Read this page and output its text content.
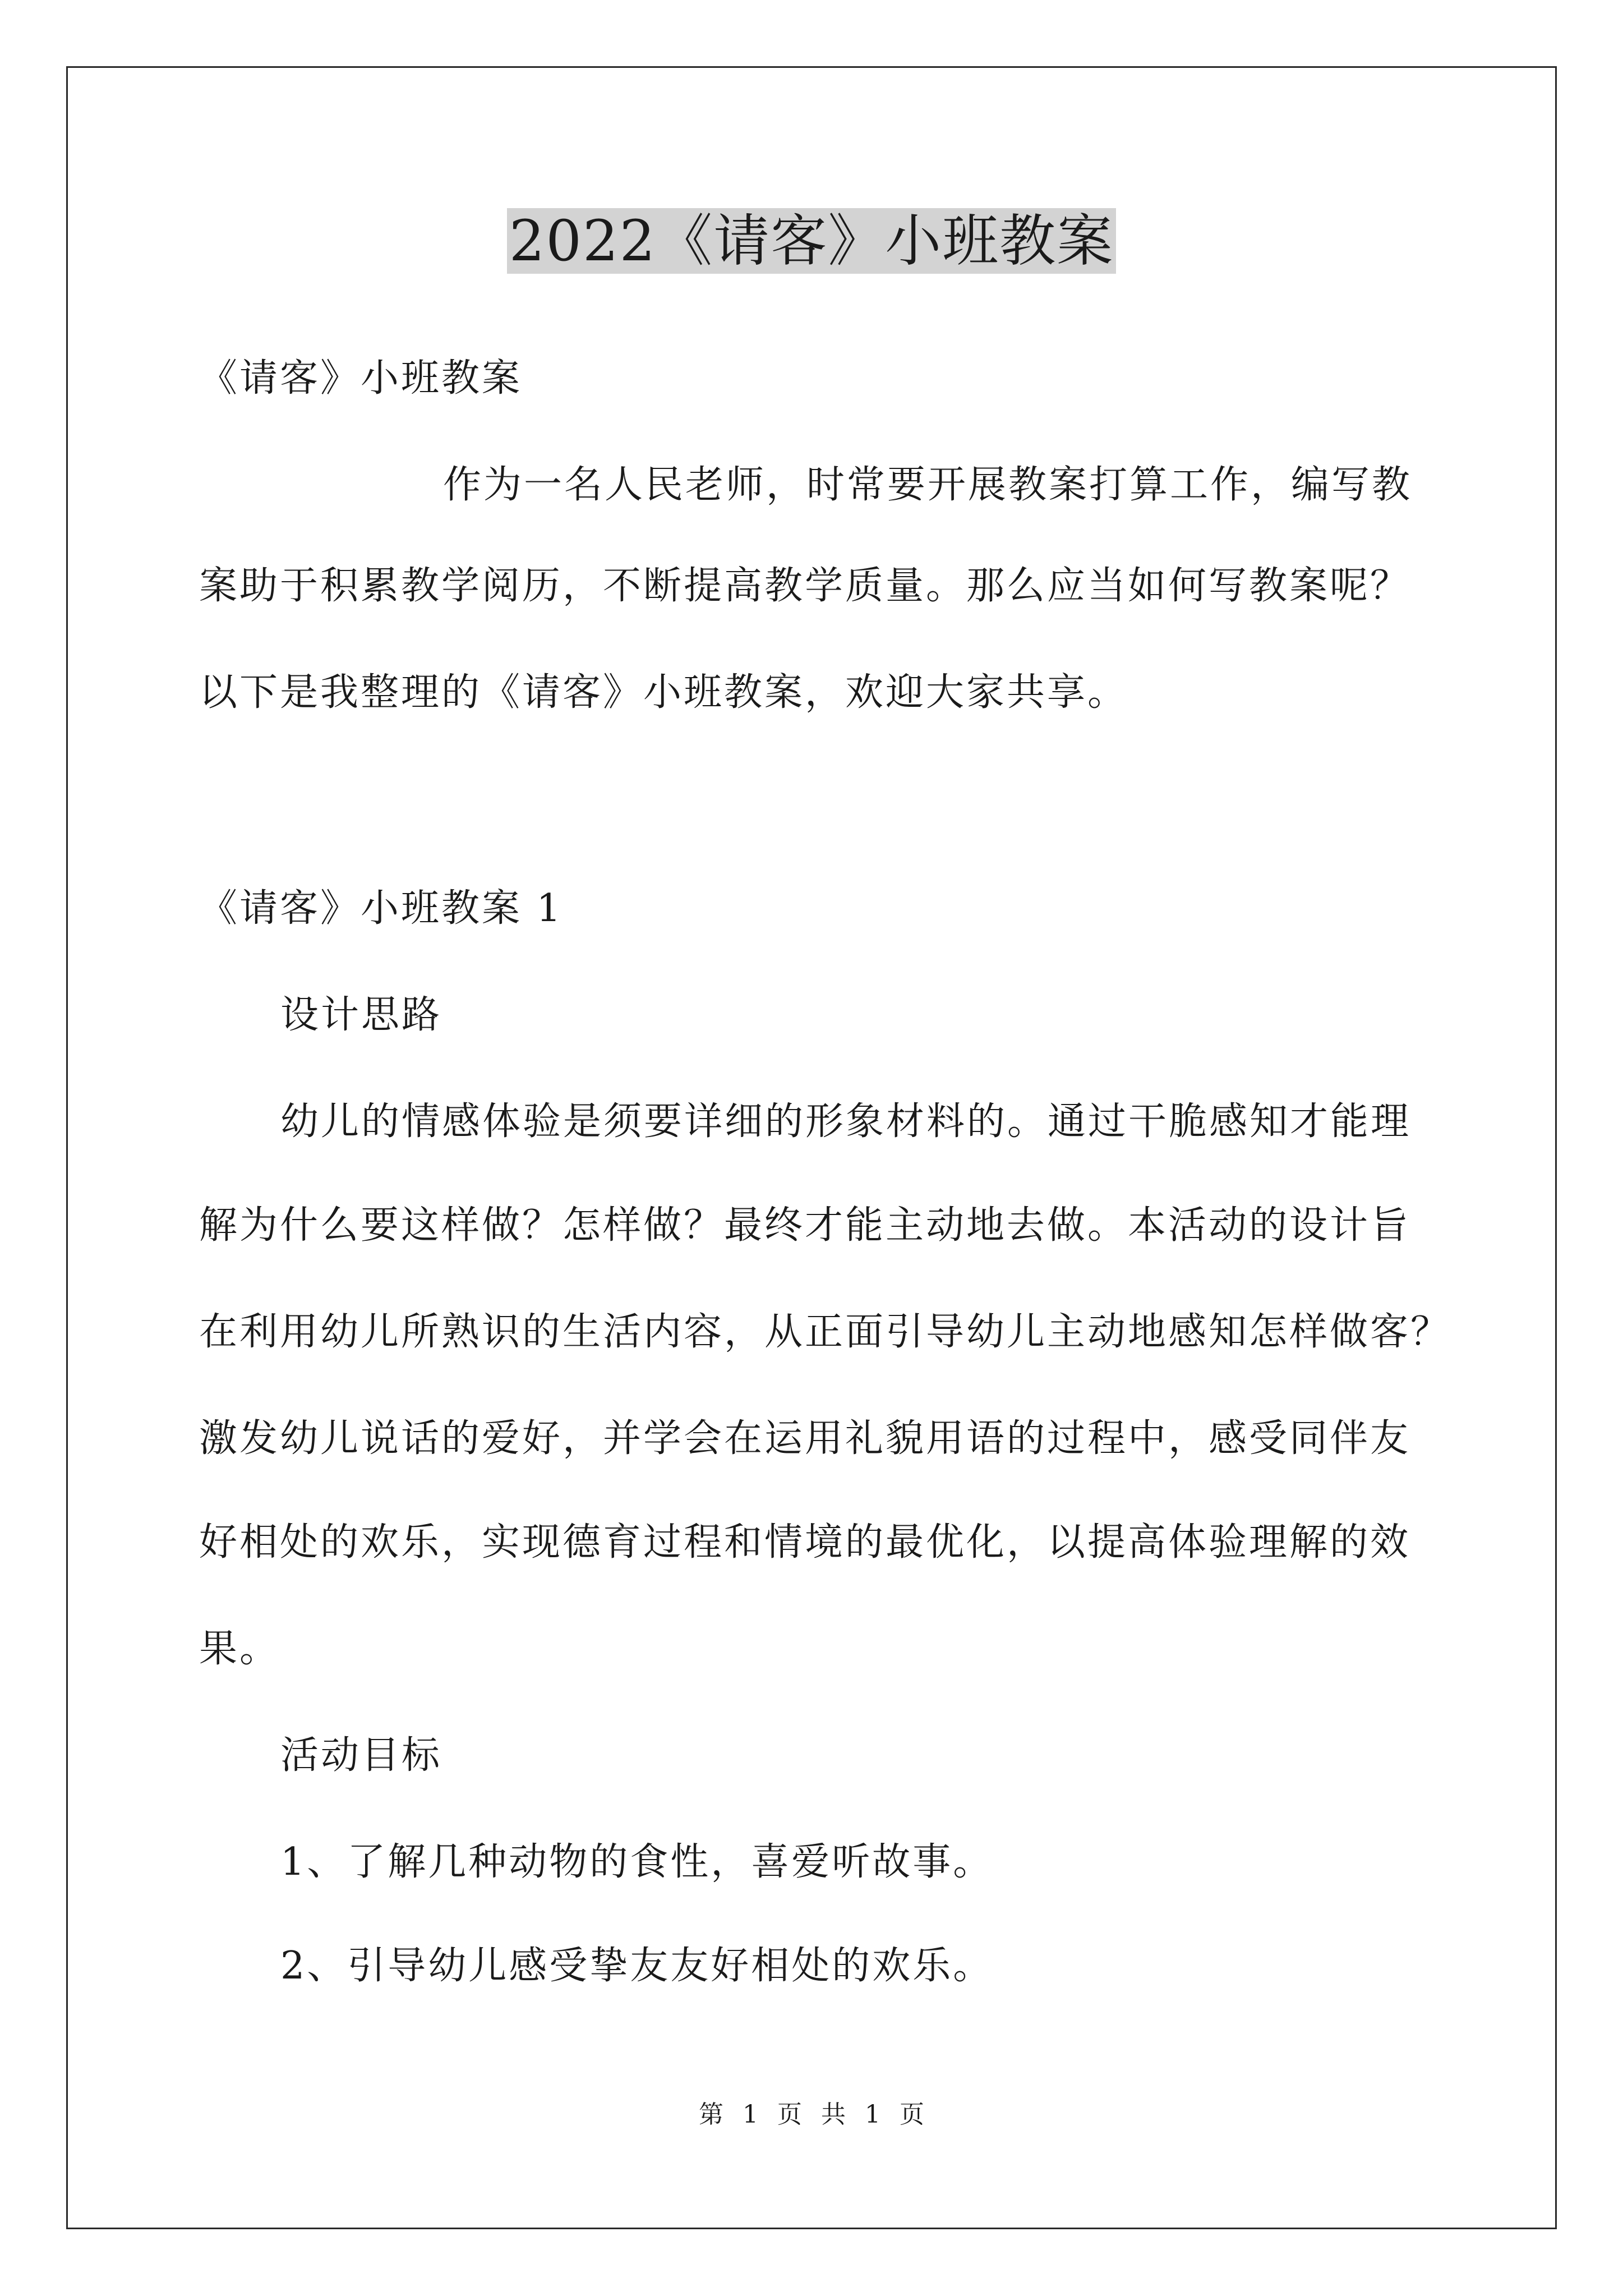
2022《请客》小班教案
《请客》小班教案
作为一名人民老师，时常要开展教案打算工作，编写教
案助于积累教学阅历，不断提高教学质量。那么应当如何写教案呢？
以下是我整理的《请客》小班教案，欢迎大家共享。
《请客》小班教案 1
设计思路
幼儿的情感体验是须要详细的形象材料的。通过干脆感知才能理
解为什么要这样做？怎样做？最终才能主动地去做。本活动的设计旨
在利用幼儿所熟识的生活内容，从正面引导幼儿主动地感知怎样做客？
激发幼儿说话的爱好，并学会在运用礼貌用语的过程中，感受同伴友
好相处的欢乐，实现德育过程和情境的最优化，以提高体验理解的效
果。
活动目标
1、了解几种动物的食性，喜爱听故事。
2、引导幼儿感受挚友友好相处的欢乐。
第 1 页 共 1 页
